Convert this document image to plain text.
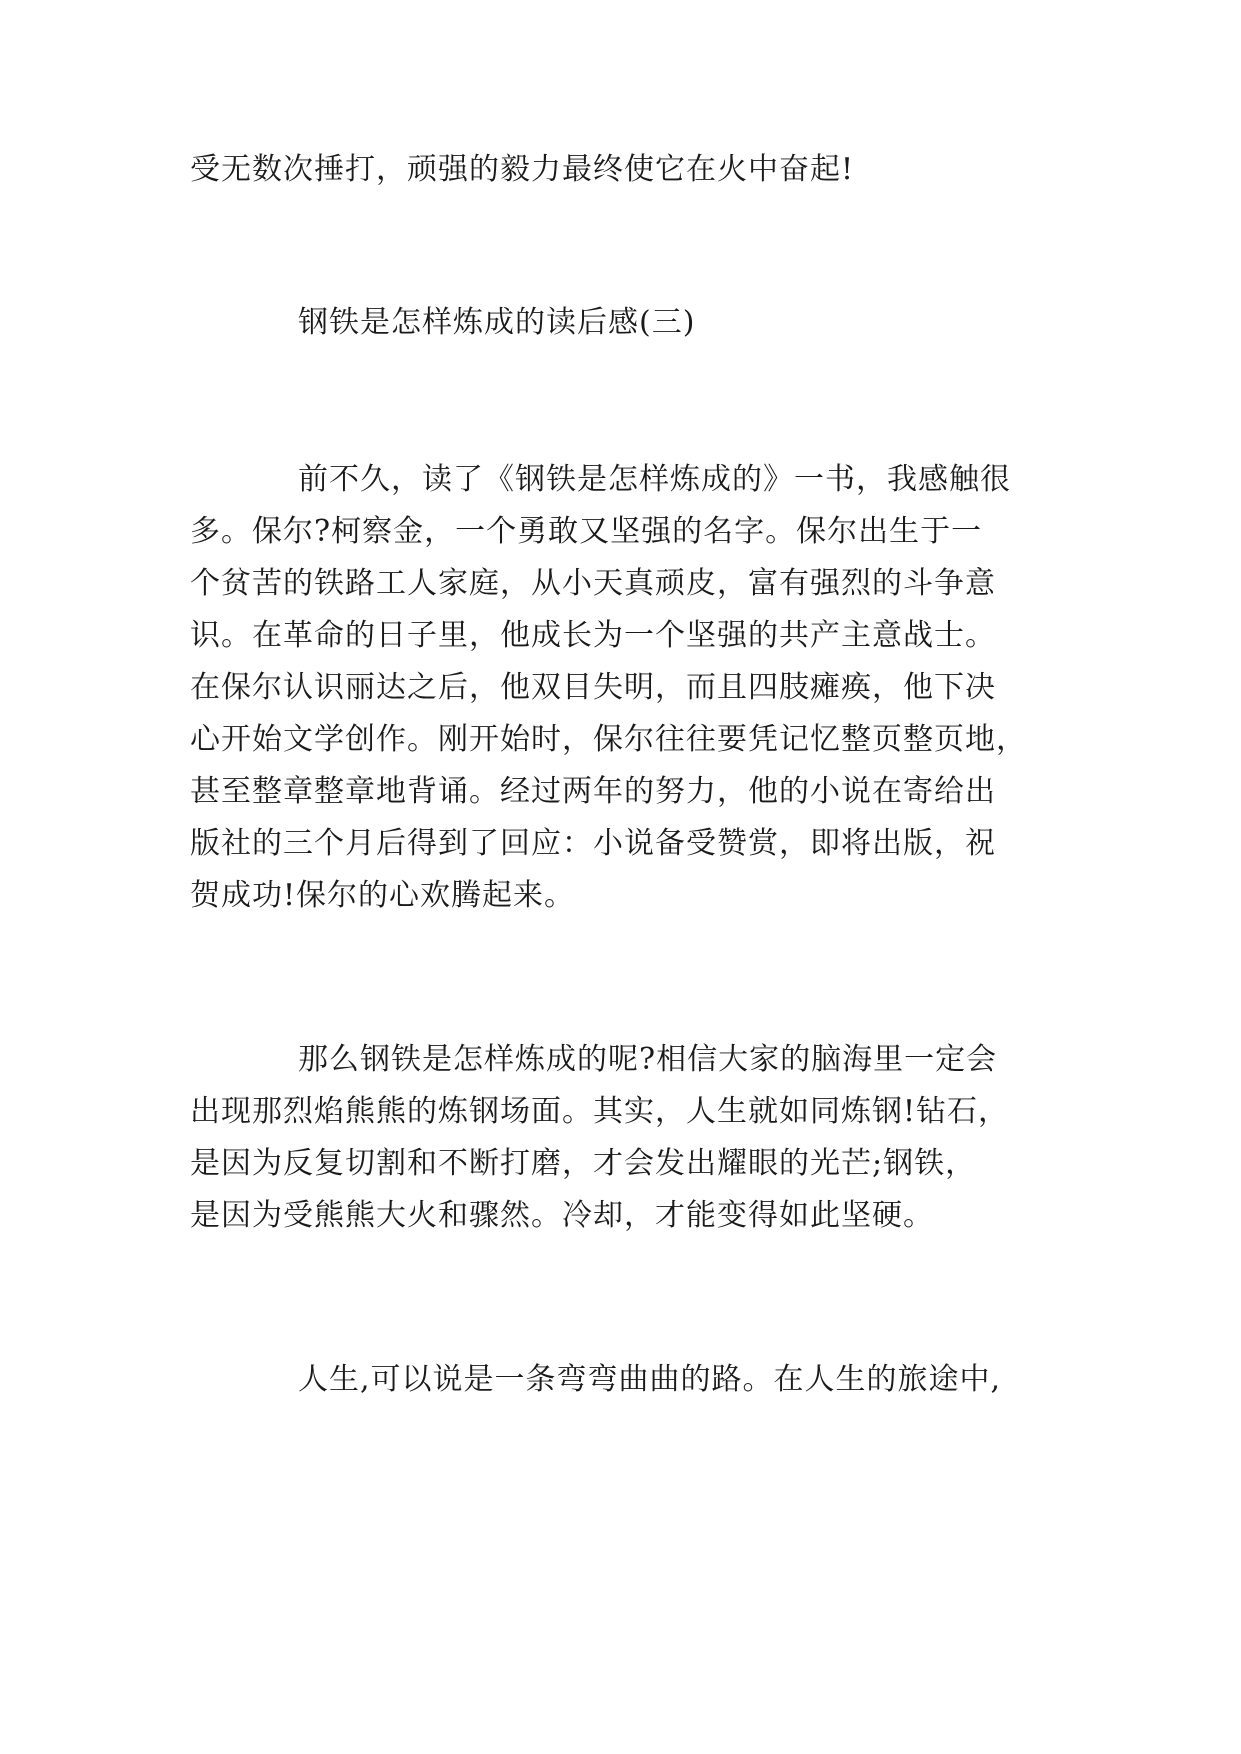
受无数次捶打，顽强的毅力最终使它在火中奋起!
钢铁是怎样炼成的读后感(三)
前不久，读了《钢铁是怎样炼成的》一书，我感触很
多。保尔?柯察金，一个勇敢又坚强的名字。保尔出生于一
个贫苦的铁路工人家庭，从小天真顽皮，富有强烈的斗争意
识。在革命的日子里，他成长为一个坚强的共产主意战士。
在保尔认识丽达之后，他双目失明，而且四肢瘫痪，他下决
心开始文学创作。刚开始时，保尔往往要凭记忆整页整页地，
甚至整章整章地背诵。经过两年的努力，他的小说在寄给出
版社的三个月后得到了回应：小说备受赞赏，即将出版，祝
贺成功!保尔的心欢腾起来。
那么钢铁是怎样炼成的呢?相信大家的脑海里一定会
出现那烈焰熊熊的炼钢场面。其实，人生就如同炼钢!钻石，
是因为反复切割和不断打磨，才会发出耀眼的光芒;钢铁，
是因为受熊熊大火和骤然。冷却，才能变得如此坚硬。
人生,可以说是一条弯弯曲曲的路。在人生的旅途中,
